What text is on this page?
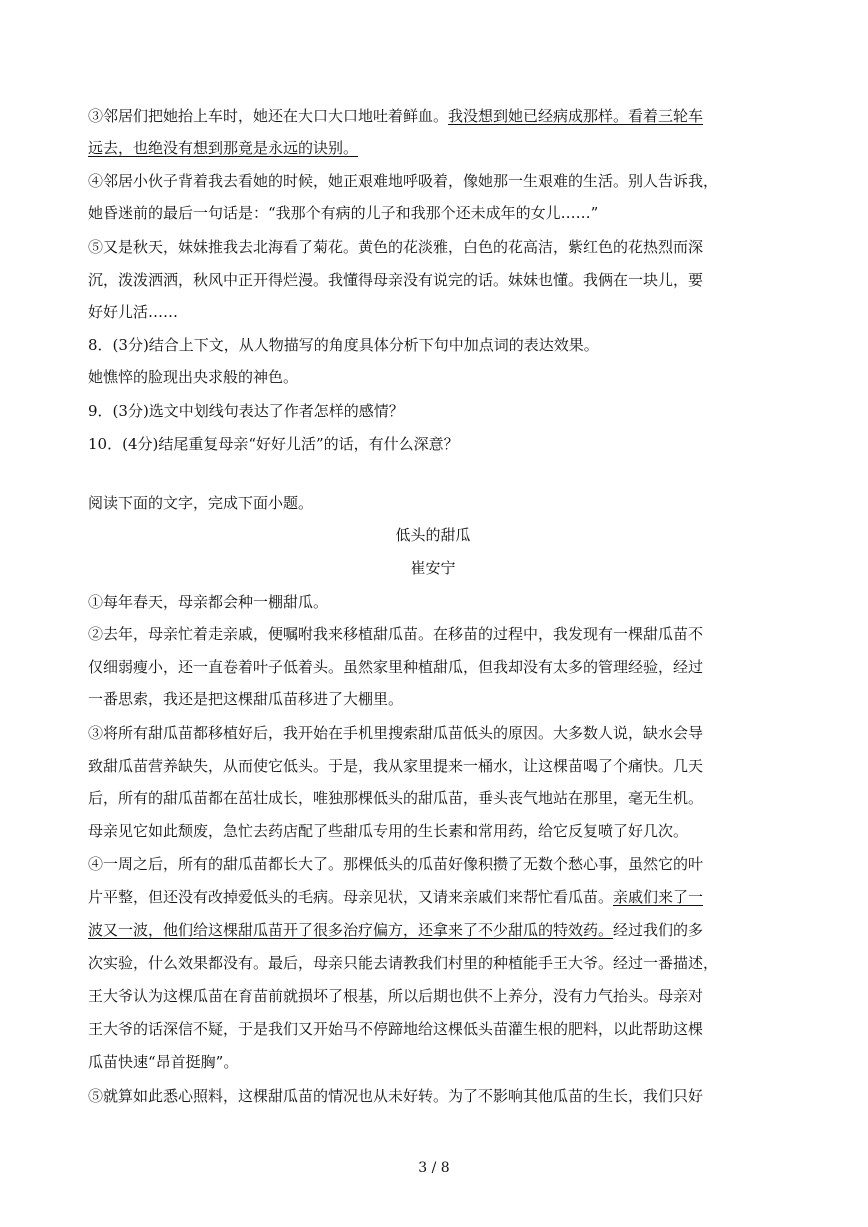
③邻居们把她抬上车时，她还在大口大口地吐着鲜血。我没想到她已经病成那样。看着三轮车
远去，也绝没有想到那竟是永远的诀别。
④邻居小伙子背着我去看她的时候，她正艰难地呼吸着，像她那一生艰难的生活。别人告诉我，
她昏迷前的最后一句话是：“我那个有病的儿子和我那个还未成年的女儿……”
⑤又是秋天，妹妹推我去北海看了菊花。黄色的花淡雅，白色的花高洁，紫红色的花热烈而深
沉，泼泼洒洒，秋风中正开得烂漫。我懂得母亲没有说完的话。妹妹也懂。我俩在一块儿，要
好好儿活……
8．(3分)结合上下文，从人物描写的角度具体分析下句中加点词的表达效果。
她憔悴的脸现出央求般的神色。
9．(3分)选文中划线句表达了作者怎样的感情？
10．(4分)结尾重复母亲“好好儿活”的话，有什么深意？
阅读下面的文字，完成下面小题。
低头的甜瓜
崔安宁
①每年春天，母亲都会种一棚甜瓜。
②去年，母亲忙着走亲戚，便嘱咐我来移植甜瓜苗。在移苗的过程中，我发现有一棵甜瓜苗不
仅细弱瘦小，还一直卷着叶子低着头。虽然家里种植甜瓜，但我却没有太多的管理经验，经过
一番思索，我还是把这棵甜瓜苗移进了大棚里。
③将所有甜瓜苗都移植好后，我开始在手机里搜索甜瓜苗低头的原因。大多数人说，缺水会导
致甜瓜苗营养缺失，从而使它低头。于是，我从家里提来一桶水，让这棵苗喝了个痛快。几天
后，所有的甜瓜苗都在茁壮成长，唯独那棵低头的甜瓜苗，垂头丧气地站在那里，毫无生机。
母亲见它如此颓废，急忙去药店配了些甜瓜专用的生长素和常用药，给它反复喷了好几次。
④一周之后，所有的甜瓜苗都长大了。那棵低头的瓜苗好像积攒了无数个愁心事，虽然它的叶
片平整，但还没有改掉爱低头的毛病。母亲见状，又请来亲戚们来帮忙看瓜苗。亲戚们来了一
波又一波，他们给这棵甜瓜苗开了很多治疗偏方，还拿来了不少甜瓜的特效药。经过我们的多
次实验，什么效果都没有。最后，母亲只能去请教我们村里的种植能手王大爷。经过一番描述，
王大爷认为这棵瓜苗在育苗前就损坏了根基，所以后期也供不上养分，没有力气抬头。母亲对
王大爷的话深信不疑，于是我们又开始马不停蹄地给这棵低头苗灌生根的肥料，以此帮助这棵
瓜苗快速“昂首挺胸”。
⑤就算如此悉心照料，这棵甜瓜苗的情况也从未好转。为了不影响其他瓜苗的生长，我们只好
3 / 8
